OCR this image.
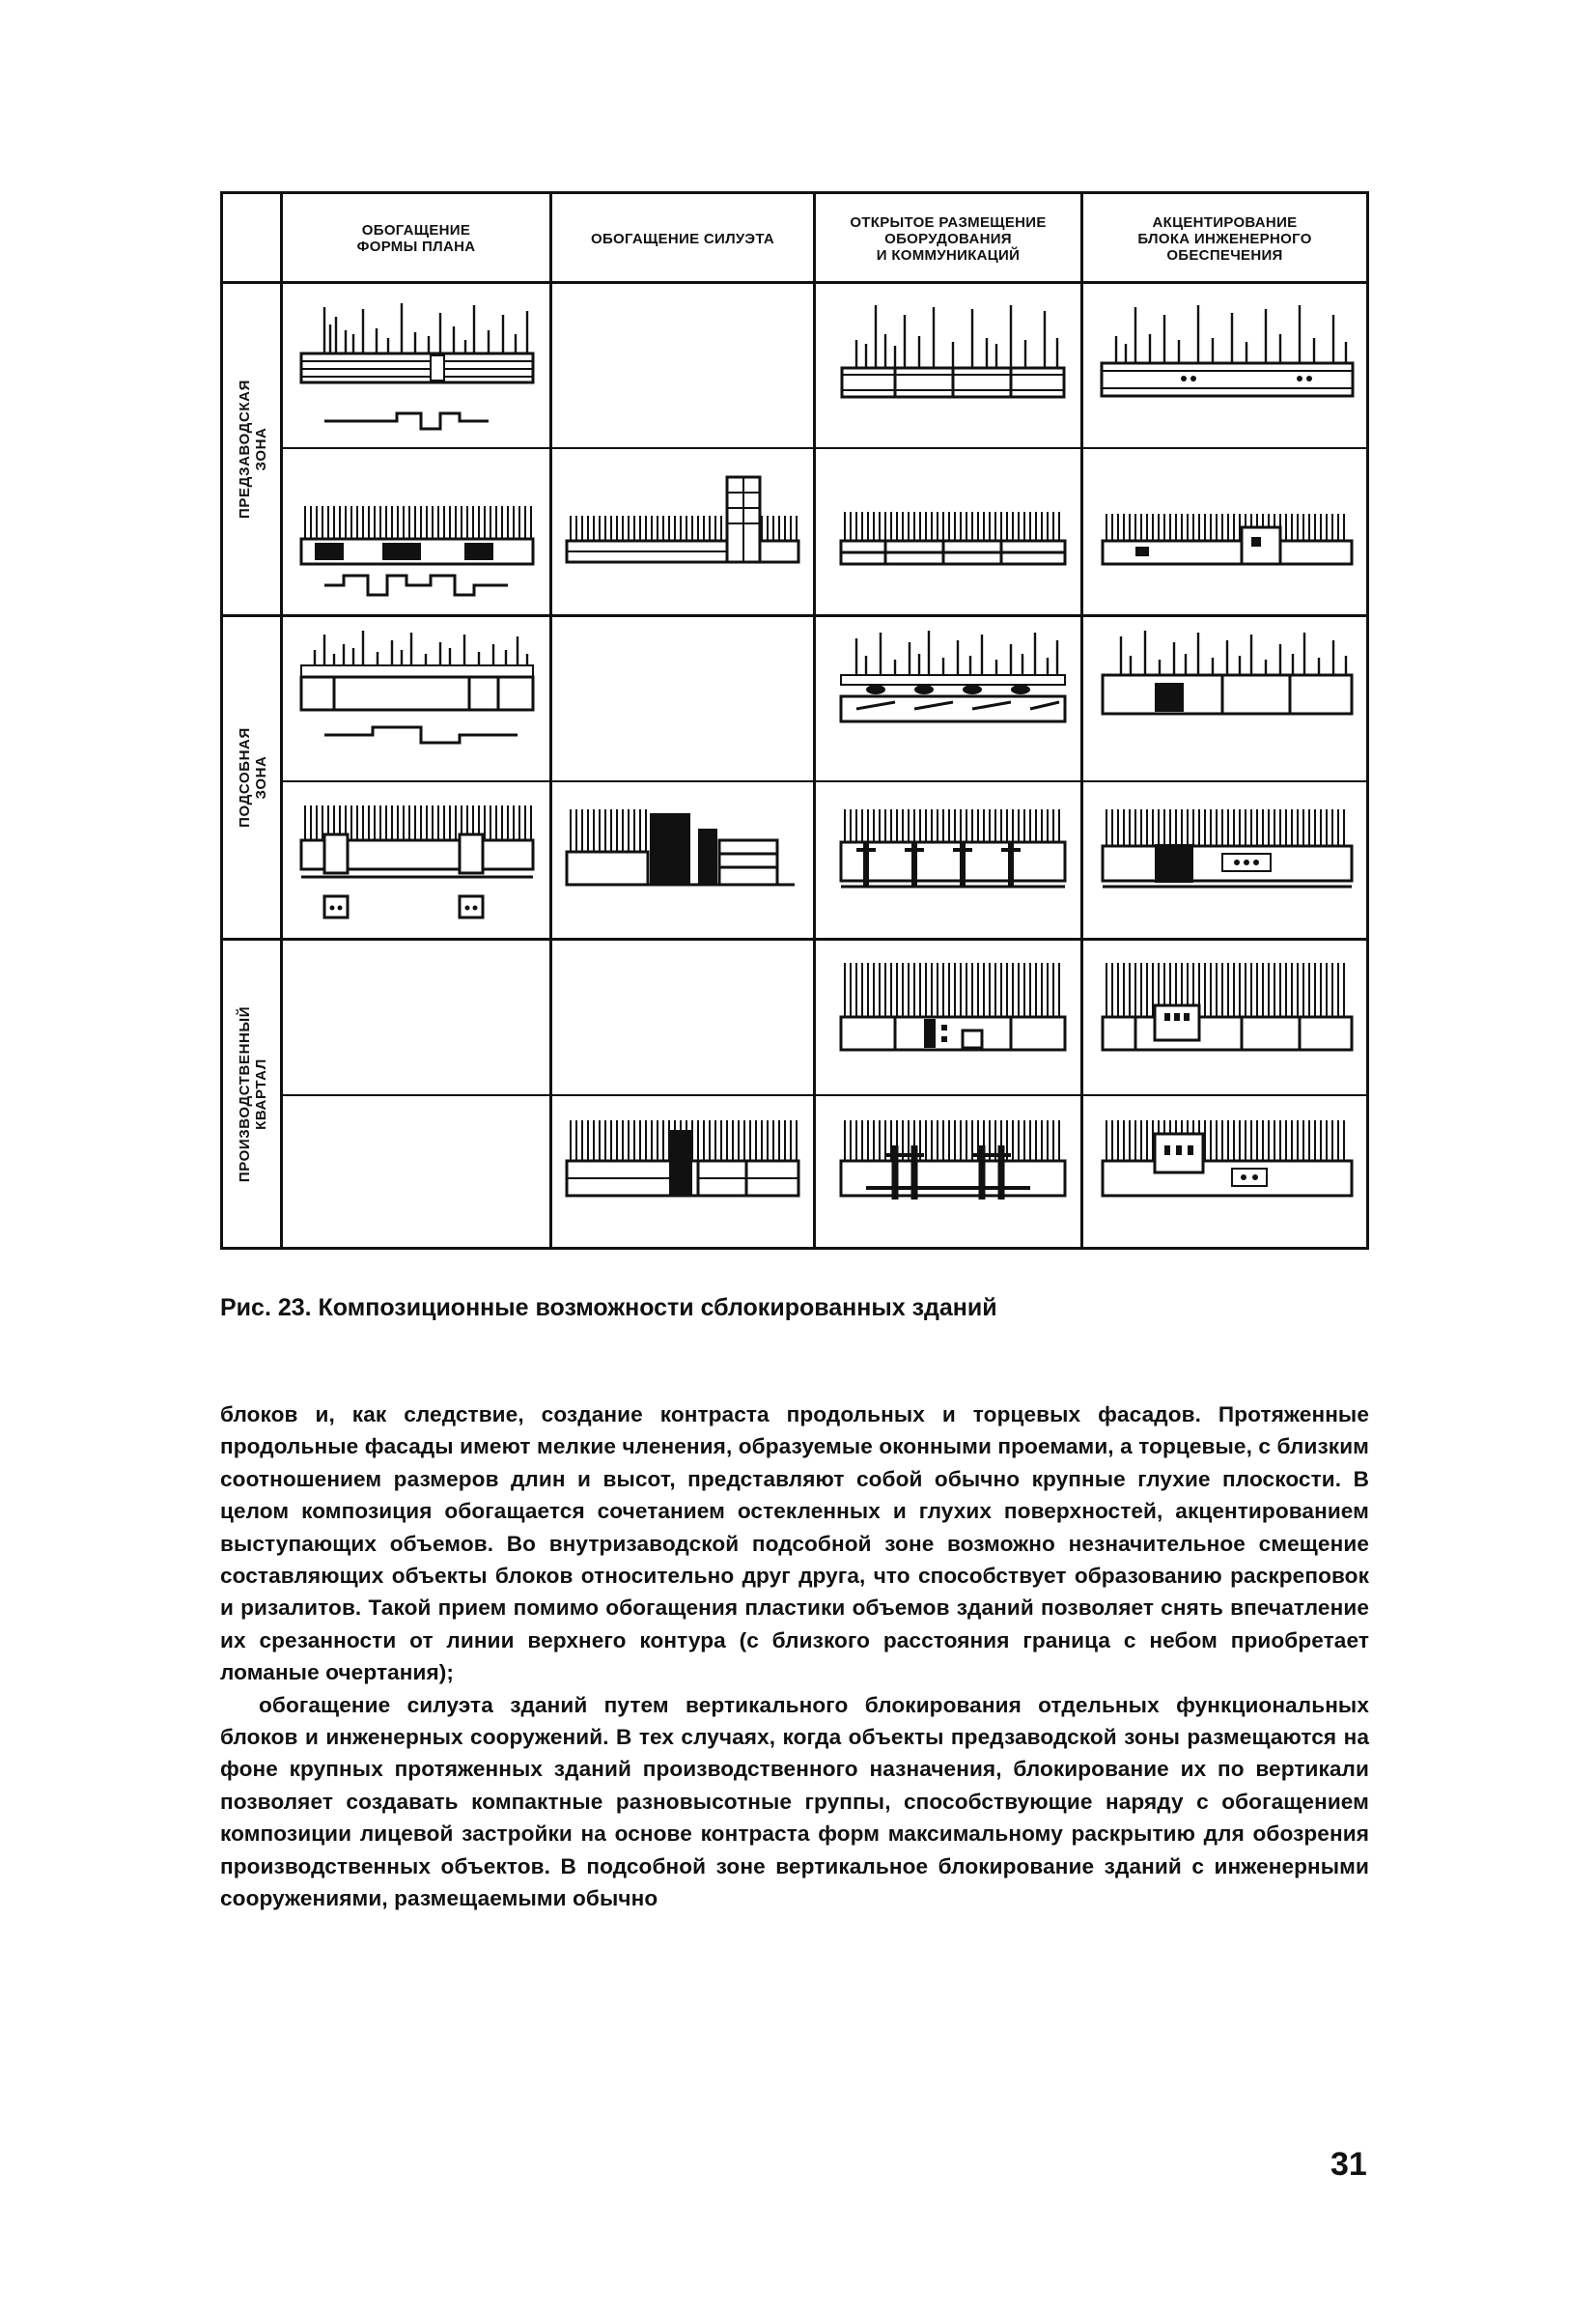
ОБОГАЩЕНИЕ
ФОРМЫ ПЛАНА	ОБОГАЩЕНИЕ СИЛУЭТА
ОТКРЫТОЕ РАЗМЕЩЕНИЕ
ОБОРУДОВАНИЯ
И КОММУНИКАЦИЙ
АКЦЕНТИРОВАНИЕ
БЛОКА ИНЖЕНЕРНОГО
ОБЕСПЕЧЕНИЯ
ПРЕДЗАВОДСКАЯ ЗОНА
ПОДСОБНАЯ ЗОНА
ПРОИЗВОДСТВЕННЫЙ
КВАРТАЛ
Рис. 23. Композиционные возможности сблокированных зданий

блоков и, как следствие, создание контраста продольных и торцевых фасадов. Протяженные продольные фасады имеют мелкие членения, образуемые оконными проемами, а торцевые, с близким соотношением размеров длин и высот, представляют собой обычно крупные глухие плоскости. В целом композиция обогащается сочетанием остекленных и глухих поверхностей, акцентированием выступающих объемов. Во внутризаводской подсобной зоне возможно незначительное смещение составляющих объекты блоков относительно друг друга, что способствует образованию раскреповок и ризалитов. Такой прием помимо обогащения пластики объемов зданий позволяет снять впечатление их срезанности от линии верхнего контура (с близкого расстояния граница с небом приобретает ломаные очертания);

обогащение силуэта зданий путем вертикального блокирования отдельных функциональных блоков и инженерных сооружений. В тех случаях, когда объекты предзаводской зоны размещаются на фоне крупных протяженных зданий производственного назначения, блокирование их по вертикали позволяет создавать компактные разновысотные группы, способствующие наряду с обогащением композиции лицевой застройки на основе контраста форм максимальному раскрытию для обозрения производственных объектов. В подсобной зоне вертикальное блокирование зданий с инженерными сооружениями, размещаемыми обычно

31
